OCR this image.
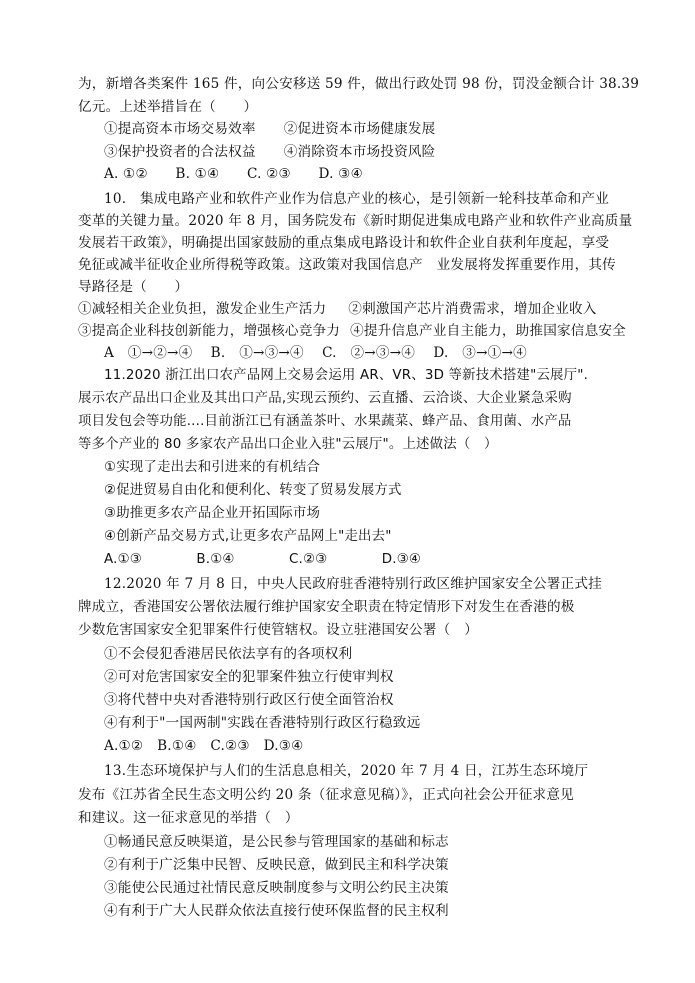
为，新增各类案件 165 件，向公安移送 59 件，做出行政处罚 98 份，罚没金额合计 38.39
亿元。上述举措旨在（　　）
①提高资本市场交易效率 ②促进资本市场健康发展
③保护投资者的合法权益 ④消除资本市场投资风险
A. ①②　　B. ①④　　C. ②③　　D. ③④
10.　集成电路产业和软件产业作为信息产业的核心，是引领新一轮科技革命和产业
变革的关键力量。2020 年 8 月，国务院发布《新时期促进集成电路产业和软件产业高质量
发展若干政策》，明确提出国家鼓励的重点集成电路设计和软件企业自获利年度起，享受
免征或减半征收企业所得税等政策。这政策对我国信息产　业发展将发挥重要作用，其传
导路径是（　　）
①减轻相关企业负担，激发企业生产活力 ②刺激国产芯片消费需求，增加企业收入
③提高企业科技创新能力，增强核心竞争力 ④提升信息产业自主能力，助推国家信息安全
A　①→②→④　 B.　①→③→④　 C.　②→③→④　 D.　③→①→④
11.2020 浙江出口农产品网上交易会运用 AR、VR、3D 等新技术搭建"云展厅".
展示农产品出口企业及其出口产品,实现云预约、云直播、云洽谈、大企业紧急采购
项目发包会等功能....目前浙江已有涵盖茶叶、水果蔬菜、蜂产品、食用菌、水产品
等多个产业的 80 多家农产品出口企业入驻"云展厅"。上述做法（　）
①实现了走出去和引进来的有机结合
②促进贸易自由化和便利化、转变了贸易发展方式
③助推更多农产品企业开拓国际市场
④创新产品交易方式,让更多农产品网上"走出去"
A.①③　　　　B.①④　　　　C.②③　　　　D.③④
12.2020 年 7 月 8 日，中央人民政府驻香港特别行政区维护国家安全公署正式挂
牌成立，香港国安公署依法履行维护国家安全职责在特定情形下对发生在香港的极
少数危害国家安全犯罪案件行使管辖权。设立驻港国安公署（　）
①不会侵犯香港居民依法享有的各项权利
②可对危害国家安全的犯罪案件独立行使审判权
③将代替中央对香港特别行政区行使全面管治权
④有利于"一国两制"实践在香港特别行政区行稳致远
A.①②　B.①④　C.②③　D.③④
13.生态环境保护与人们的生活息息相关，2020 年 7 月 4 日，江苏生态环境厅
发布《江苏省全民生态文明公约 20 条（征求意见稿）》，正式向社会公开征求意见
和建议。这一征求意见的举措（　）
①畅通民意反映渠道，是公民参与管理国家的基础和标志
②有利于广泛集中民智、反映民意，做到民主和科学决策
③能使公民通过社情民意反映制度参与文明公约民主决策
④有利于广大人民群众依法直接行使环保监督的民主权利
